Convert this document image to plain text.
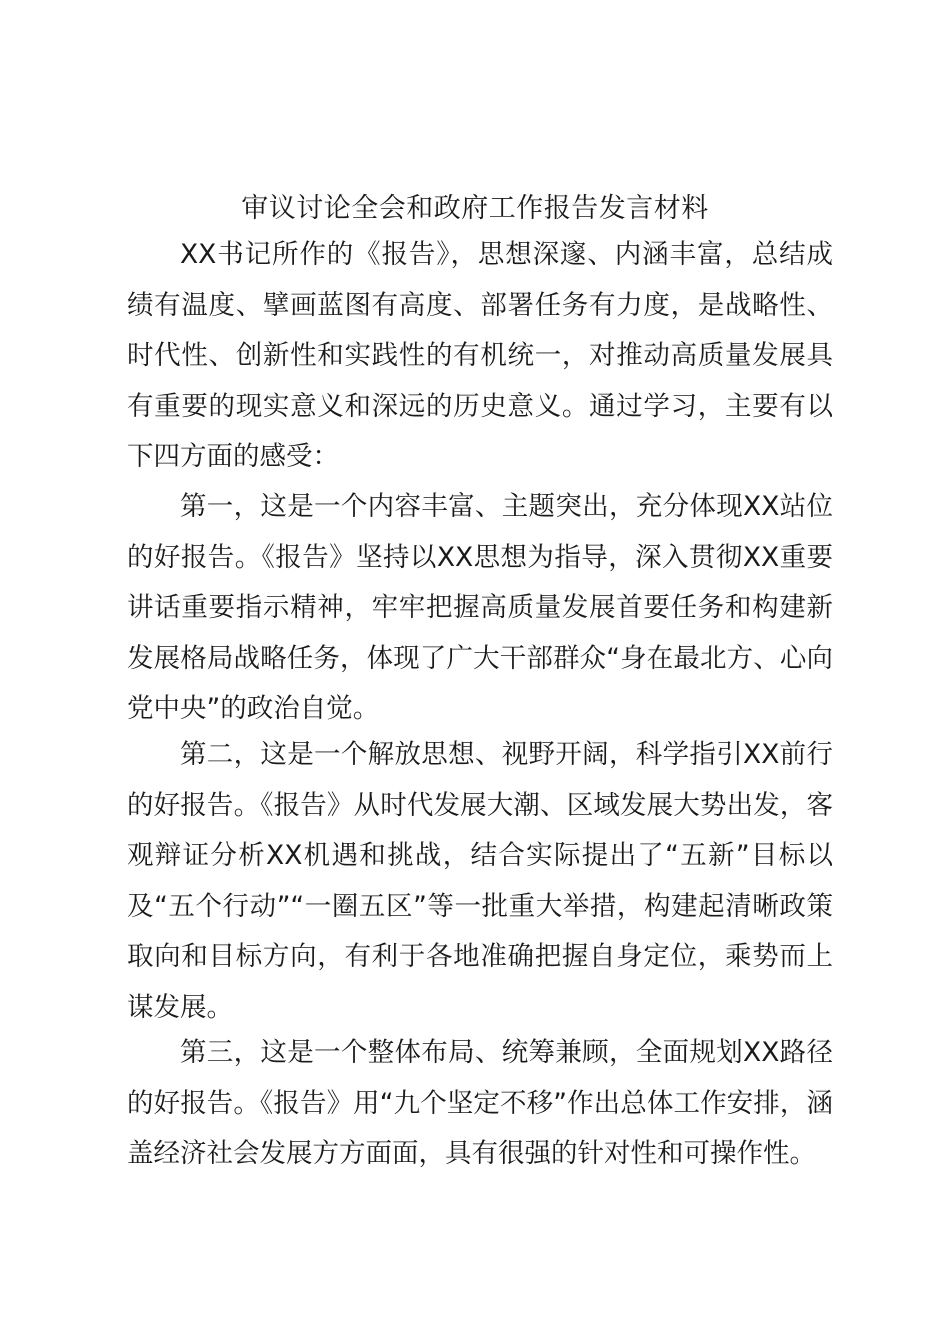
审议讨论全会和政府工作报告发言材料

XX书记所作的《报告》，思想深邃、内涵丰富，总结成绩有温度、擘画蓝图有高度、部署任务有力度，是战略性、时代性、创新性和实践性的有机统一，对推动高质量发展具有重要的现实意义和深远的历史意义。通过学习，主要有以下四方面的感受：

第一，这是一个内容丰富、主题突出，充分体现XX站位的好报告。《报告》坚持以XX思想为指导，深入贯彻XX重要讲话重要指示精神，牢牢把握高质量发展首要任务和构建新发展格局战略任务，体现了广大干部群众“身在最北方、心向党中央”的政治自觉。

第二，这是一个解放思想、视野开阔，科学指引XX前行的好报告。《报告》从时代发展大潮、区域发展大势出发，客观辩证分析XX机遇和挑战，结合实际提出了“五新”目标以及“五个行动”“一圈五区”等一批重大举措，构建起清晰政策取向和目标方向，有利于各地准确把握自身定位，乘势而上谋发展。

第三，这是一个整体布局、统筹兼顾，全面规划XX路径的好报告。《报告》用“九个坚定不移”作出总体工作安排，涵盖经济社会发展方方面面，具有很强的针对性和可操作性。
